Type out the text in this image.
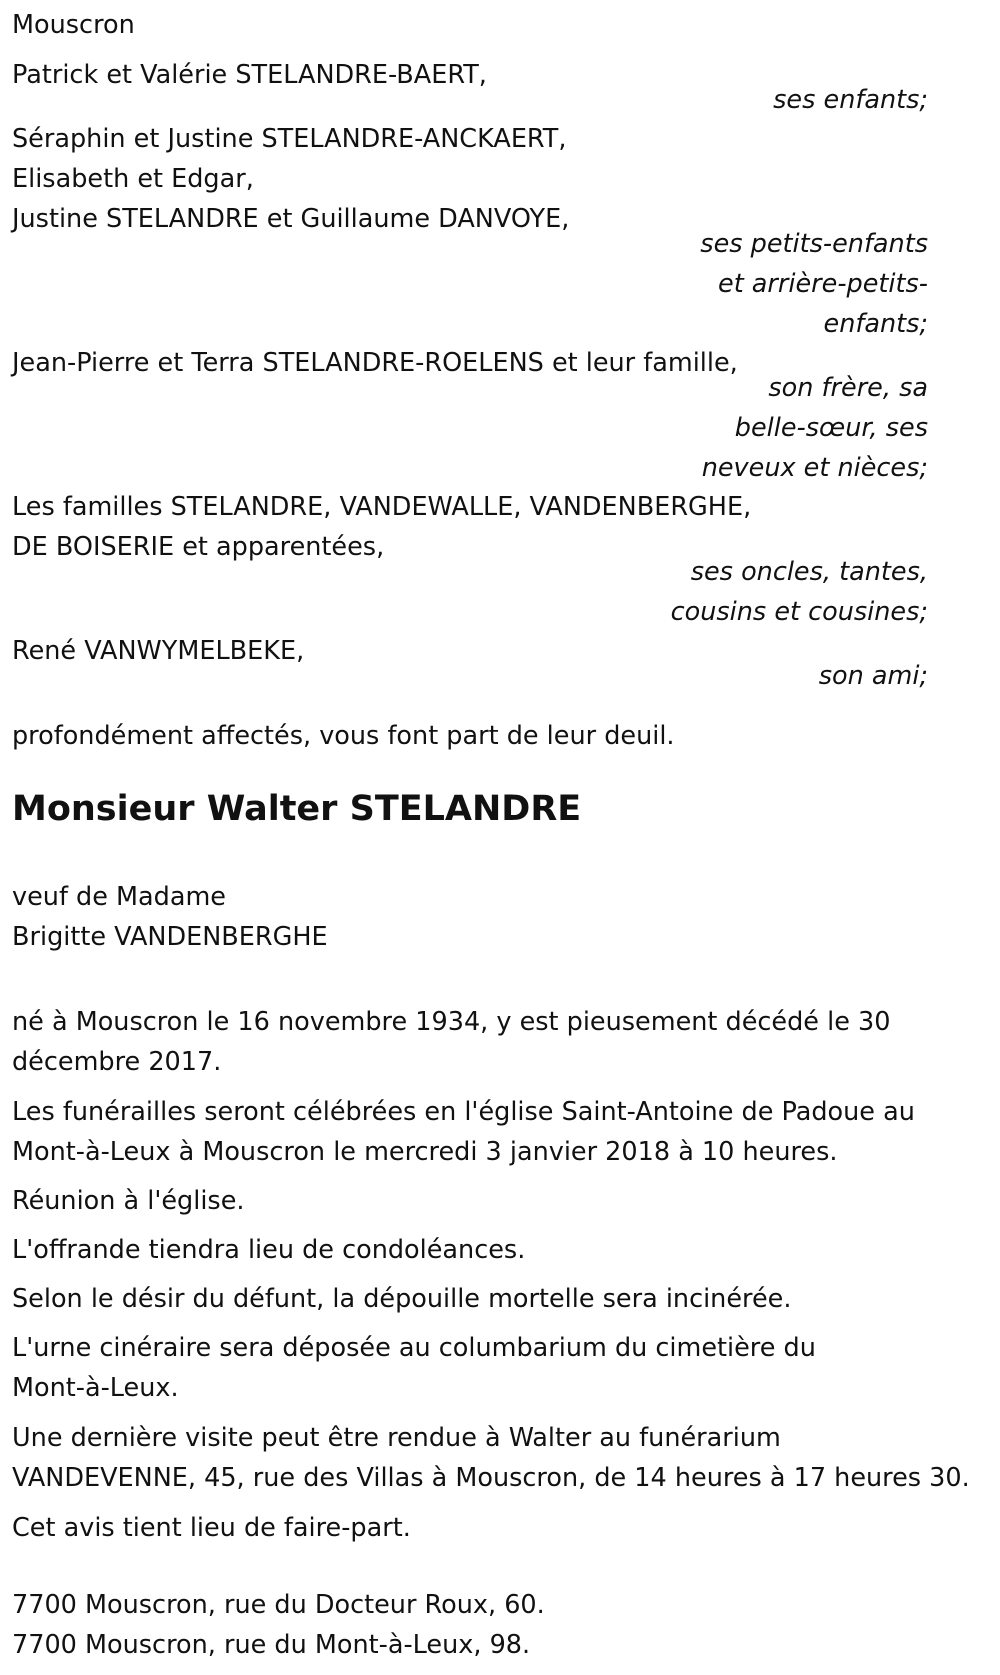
Mouscron
Patrick et Valérie STELANDRE-BAERT,
ses enfants;
Séraphin et Justine STELANDRE-ANCKAERT,
Elisabeth et Edgar,
Justine STELANDRE et Guillaume DANVOYE,
ses petits-enfants
et arrière-petits-
enfants;
Jean-Pierre et Terra STELANDRE-ROELENS et leur famille,
son frère, sa
belle-sœur, ses
neveux et nièces;
Les familles STELANDRE, VANDEWALLE, VANDENBERGHE,
DE BOISERIE et apparentées,
ses oncles, tantes,
cousins et cousines;
René VANWYMELBEKE,
son ami;
profondément affectés, vous font part de leur deuil.
Monsieur Walter STELANDRE
veuf de Madame
Brigitte VANDENBERGHE
né à Mouscron le 16 novembre 1934, y est pieusement décédé le 30
décembre 2017.
Les funérailles seront célébrées en l'église Saint-Antoine de Padoue au
Mont-à-Leux à Mouscron le mercredi 3 janvier 2018 à 10 heures.
Réunion à l'église.
L'offrande tiendra lieu de condoléances.
Selon le désir du défunt, la dépouille mortelle sera incinérée.
L'urne cinéraire sera déposée au columbarium du cimetière du
Mont-à-Leux.
Une dernière visite peut être rendue à Walter au funérarium
VANDEVENNE, 45, rue des Villas à Mouscron, de 14 heures à 17 heures 30.
Cet avis tient lieu de faire-part.
7700 Mouscron, rue du Docteur Roux, 60.
7700 Mouscron, rue du Mont-à-Leux, 98.
